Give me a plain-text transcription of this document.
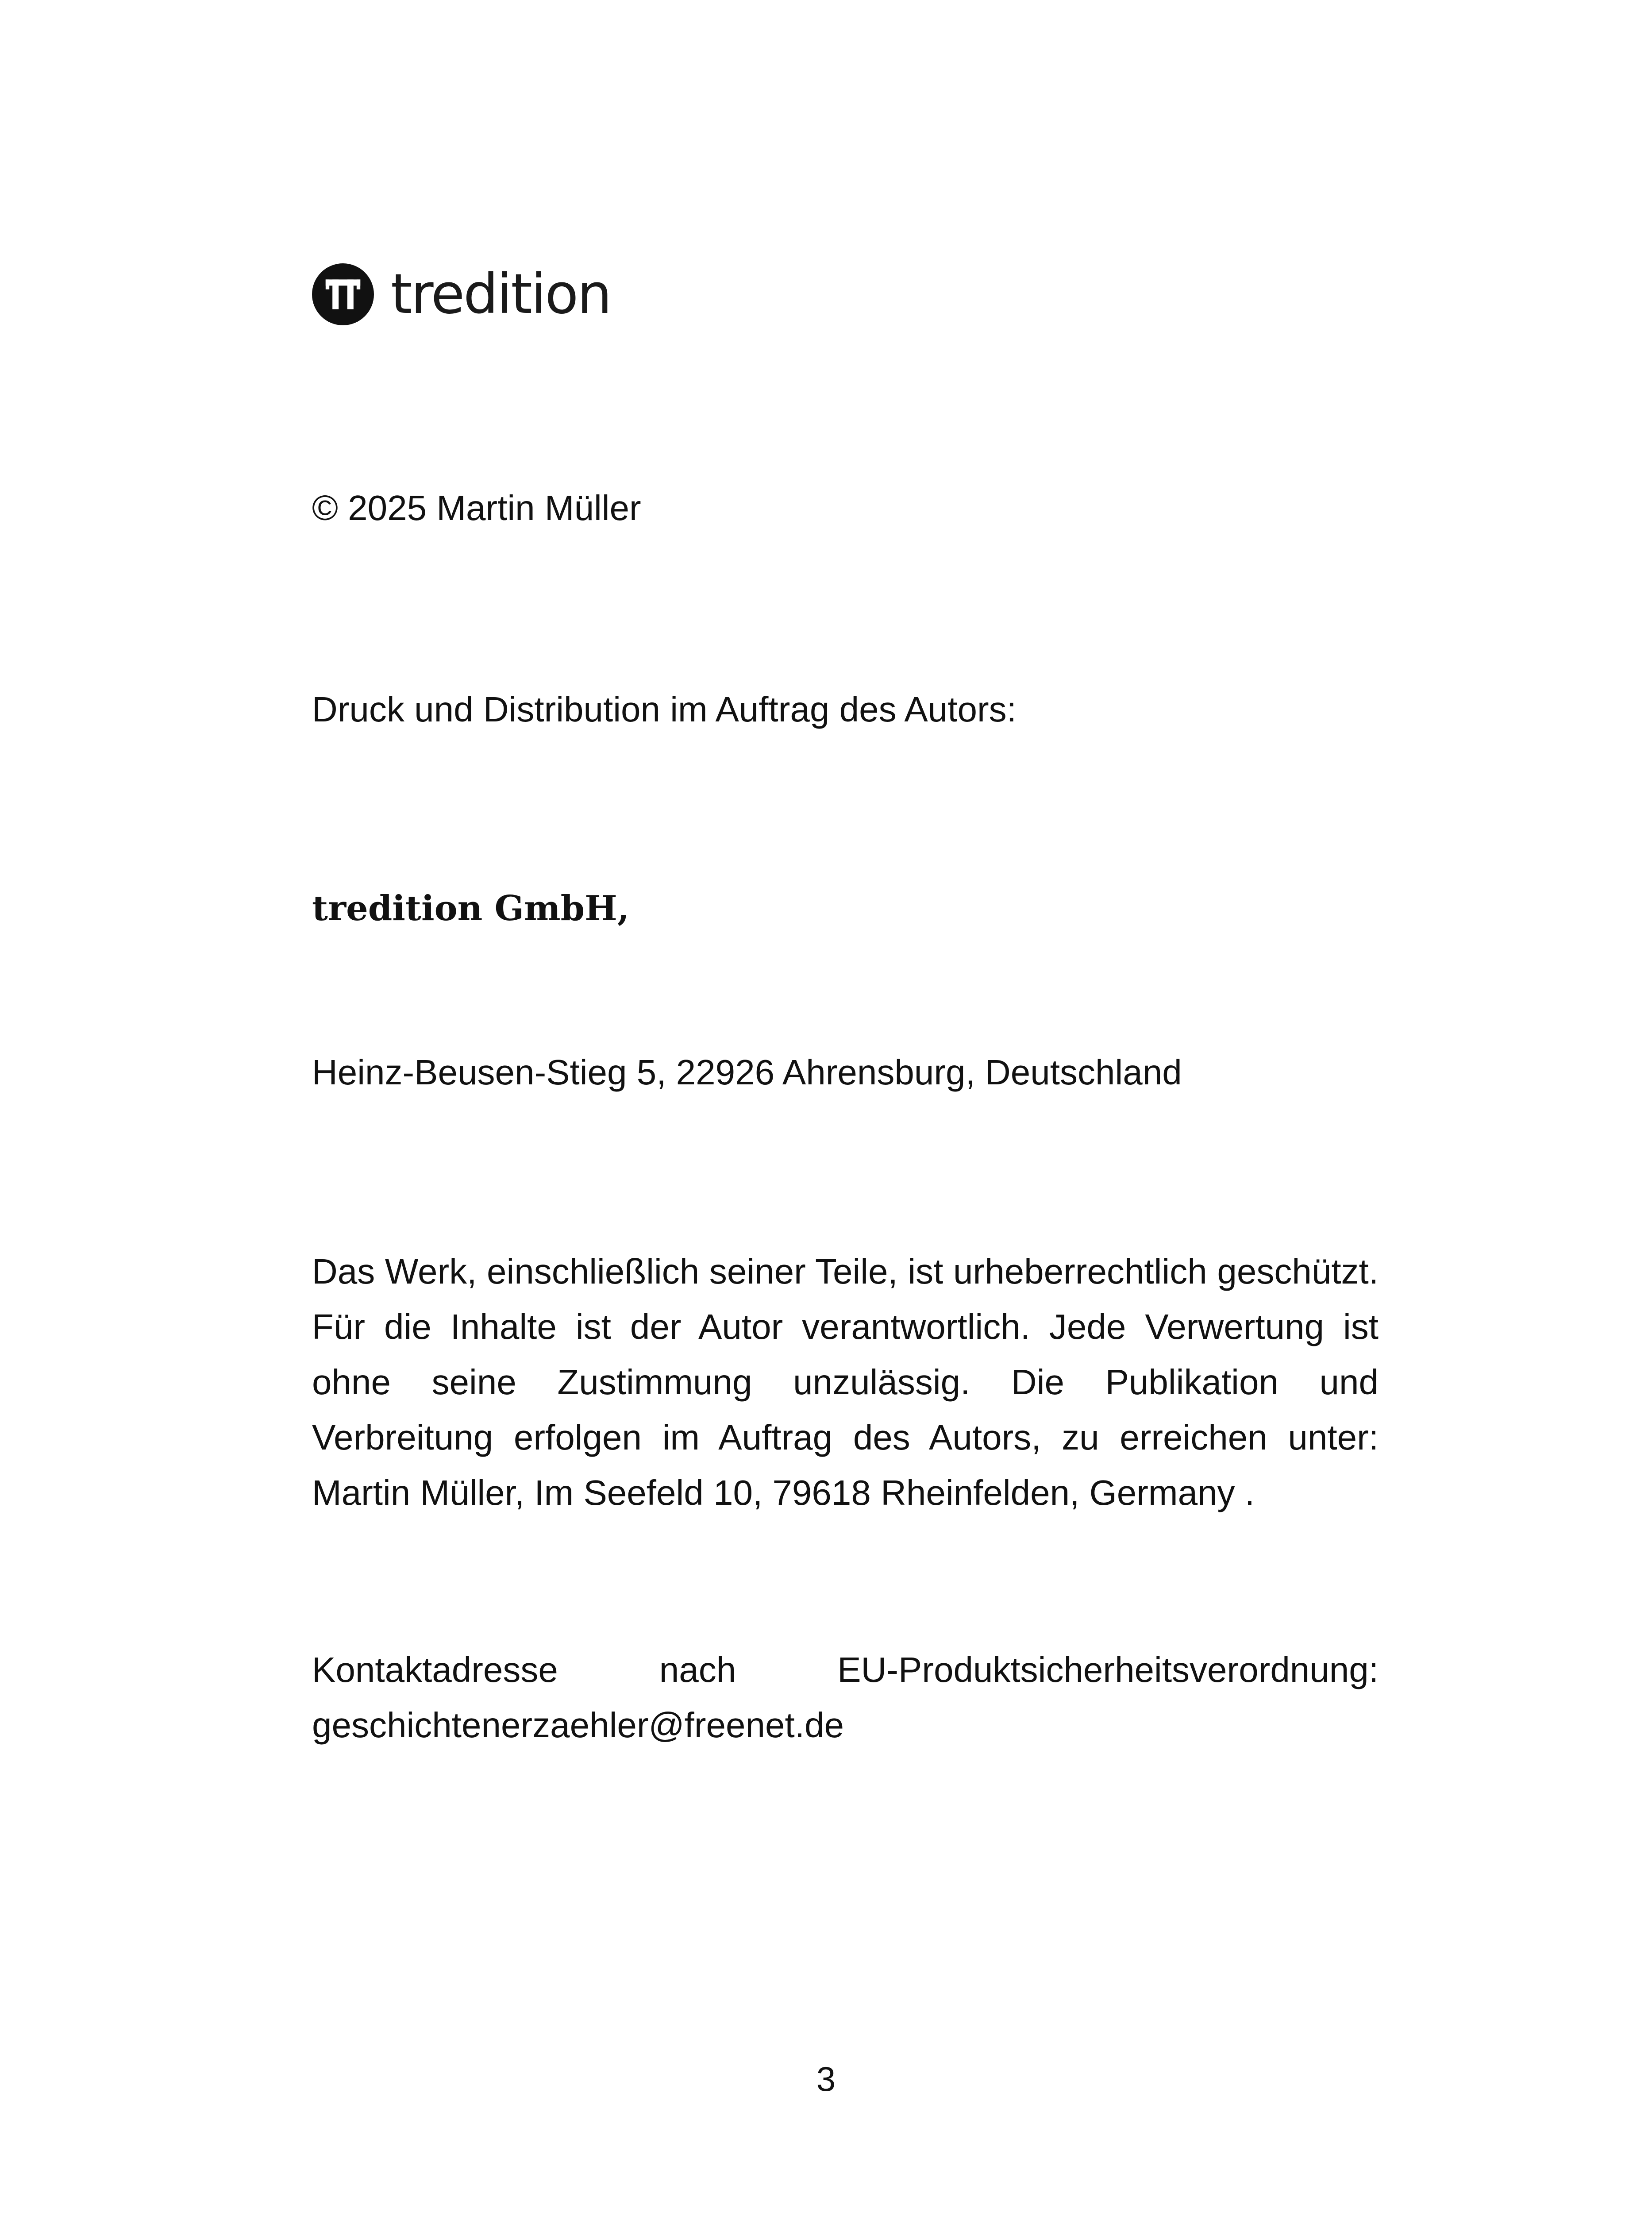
tredition
© 2025 Martin Müller
Druck und Distribution im Auftrag des Autors:
tredition GmbH,
Heinz-Beusen-Stieg 5, 22926 Ahrensburg, Deutschland
Das Werk, einschließlich seiner Teile, ist urheberrechtlich geschützt. Für die Inhalte ist der Autor verantwortlich. Jede Verwertung ist ohne seine Zustimmung unzulässig. Die Publikation und Verbreitung erfolgen im Auftrag des Autors, zu erreichen unter: Martin Müller, Im Seefeld 10, 79618 Rheinfelden, Germany .
Kontaktadresse nach EU-Produktsicherheitsverordnung:
geschichtenerzaehler@freenet.de
3
